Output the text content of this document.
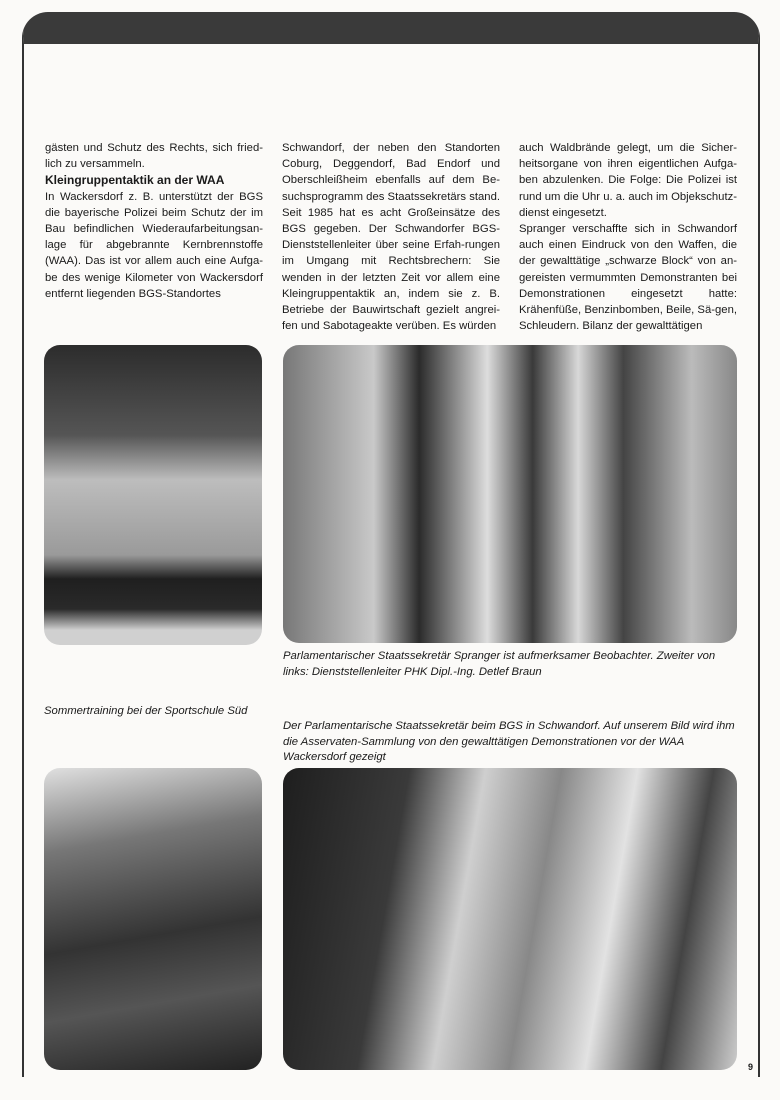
gästen und Schutz des Rechts, sich fried-lich zu versammeln.

Kleingruppentaktik an der WAA

In Wackersdorf z. B. unterstützt der BGS die bayerische Polizei beim Schutz der im Bau befindlichen Wiederaufarbeitungsan-lage für abgebrannte Kernbrennstoffe (WAA). Das ist vor allem auch eine Aufga-be des wenige Kilometer von Wackersdorf entfernt liegenden BGS-Standortes

Schwandorf, der neben den Standorten Coburg, Deggendorf, Bad Endorf und Oberschleißheim ebenfalls auf dem Be-suchsprogramm des Staatssekretärs stand. Seit 1985 hat es acht Großeinsätze des BGS gegeben. Der Schwandorfer BGS-Dienststellenleiter über seine Erfah-rungen im Umgang mit Rechtsbrechern: Sie wenden in der letzten Zeit vor allem eine Kleingruppentaktik an, indem sie z. B. Betriebe der Bauwirtschaft gezielt angrei-fen und Sabotageakte verüben. Es würden

auch Waldbrände gelegt, um die Sicher-heitsorgane von ihren eigentlichen Aufga-ben abzulenken. Die Folge: Die Polizei ist rund um die Uhr u. a. auch im Objekschutz-dienst eingesetzt.

Spranger verschaffte sich in Schwandorf auch einen Eindruck von den Waffen, die der gewalttätige „schwarze Block“ von an-gereisten vermummten Demonstranten bei Demonstrationen eingesetzt hatte: Krähenfüße, Benzinbomben, Beile, Sä-gen, Schleudern. Bilanz der gewalttätigen

Parlamentarischer Staatssekretär Spranger ist aufmerksamer Beobachter. Zweiter von links: Dienststellenleiter PHK Dipl.-Ing. Detlef Braun
Sommertraining bei der Sportschule Süd
Der Parlamentarische Staatssekretär beim BGS in Schwandorf. Auf unserem Bild wird ihm die Asservaten-Sammlung von den gewalttätigen Demonstrationen vor der WAA Wackersdorf gezeigt
9
